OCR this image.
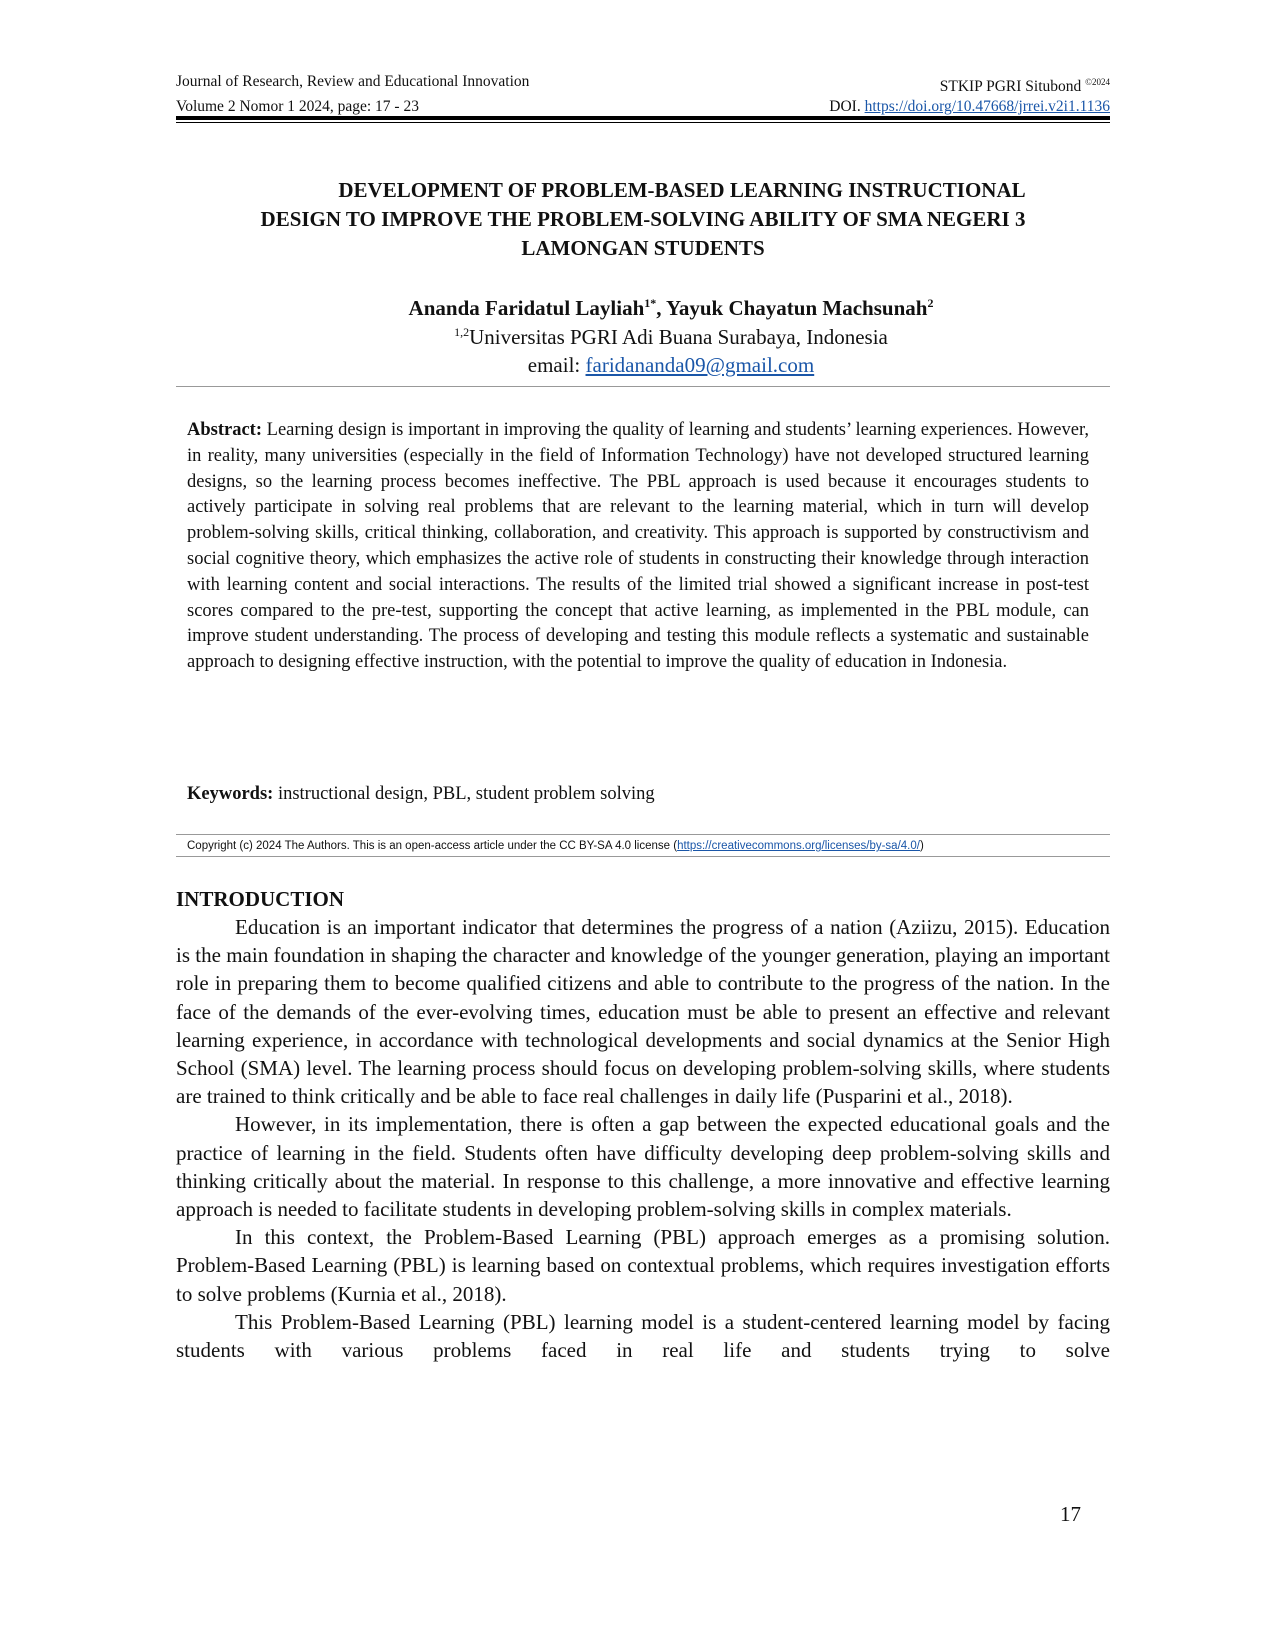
Journal of Research, Review and Educational Innovation	STKIP PGRI Situbond $^{©2024}$
Volume 2 Nomor 1 2024, page: 17 - 23	DOI. https://doi.org/10.47668/jrrei.v2i1.1136
DEVELOPMENT OF PROBLEM-BASED LEARNING INSTRUCTIONAL
DESIGN TO IMPROVE THE PROBLEM-SOLVING ABILITY OF SMA NEGERI 3
LAMONGAN STUDENTS
Ananda Faridatul Layliah$^{1*}$, Yayuk Chayatun Machsunah$^2$
$^{1,2}$Universitas PGRI Adi Buana Surabaya, Indonesia
email: faridananda09@gmail.com
Abstract: Learning design is important in improving the quality of learning and students’ learning experiences. However, in reality, many universities (especially in the field of Information Technology) have not developed structured learning designs, so the learning process becomes ineffective. The PBL approach is used because it encourages students to actively participate in solving real problems that are relevant to the learning material, which in turn will develop problem-solving skills, critical thinking, collaboration, and creativity. This approach is supported by constructivism and social cognitive theory, which emphasizes the active role of students in constructing their knowledge through interaction with learning content and social interactions. The results of the limited trial showed a significant increase in post-test scores compared to the pre-test, supporting the concept that active learning, as implemented in the PBL module, can improve student understanding. The process of developing and testing this module reflects a systematic and sustainable approach to designing effective instruction, with the potential to improve the quality of education in Indonesia.
Keywords: instructional design, PBL, student problem solving
Copyright (c) 2024 The Authors. This is an open-access article under the CC BY-SA 4.0 license (https://creativecommons.org/licenses/by-sa/4.0/)
INTRODUCTION

Education is an important indicator that determines the progress of a nation (Aziizu, 2015). Education is the main foundation in shaping the character and knowledge of the younger generation, playing an important role in preparing them to become qualified citizens and able to contribute to the progress of the nation. In the face of the demands of the ever-evolving times, education must be able to present an effective and relevant learning experience, in accordance with technological developments and social dynamics at the Senior High School (SMA) level. The learning process should focus on developing problem-solving skills, where students are trained to think critically and be able to face real challenges in daily life (Pusparini et al., 2018).

However, in its implementation, there is often a gap between the expected educational goals and the practice of learning in the field. Students often have difficulty developing deep problem-solving skills and thinking critically about the material. In response to this challenge, a more innovative and effective learning approach is needed to facilitate students in developing problem-solving skills in complex materials.

In this context, the Problem-Based Learning (PBL) approach emerges as a promising solution. Problem-Based Learning (PBL) is learning based on contextual problems, which requires investigation efforts to solve problems (Kurnia et al., 2018).

This Problem-Based Learning (PBL) learning model is a student-centered learning model by facing students with various problems faced in real life and students trying to solve

17
